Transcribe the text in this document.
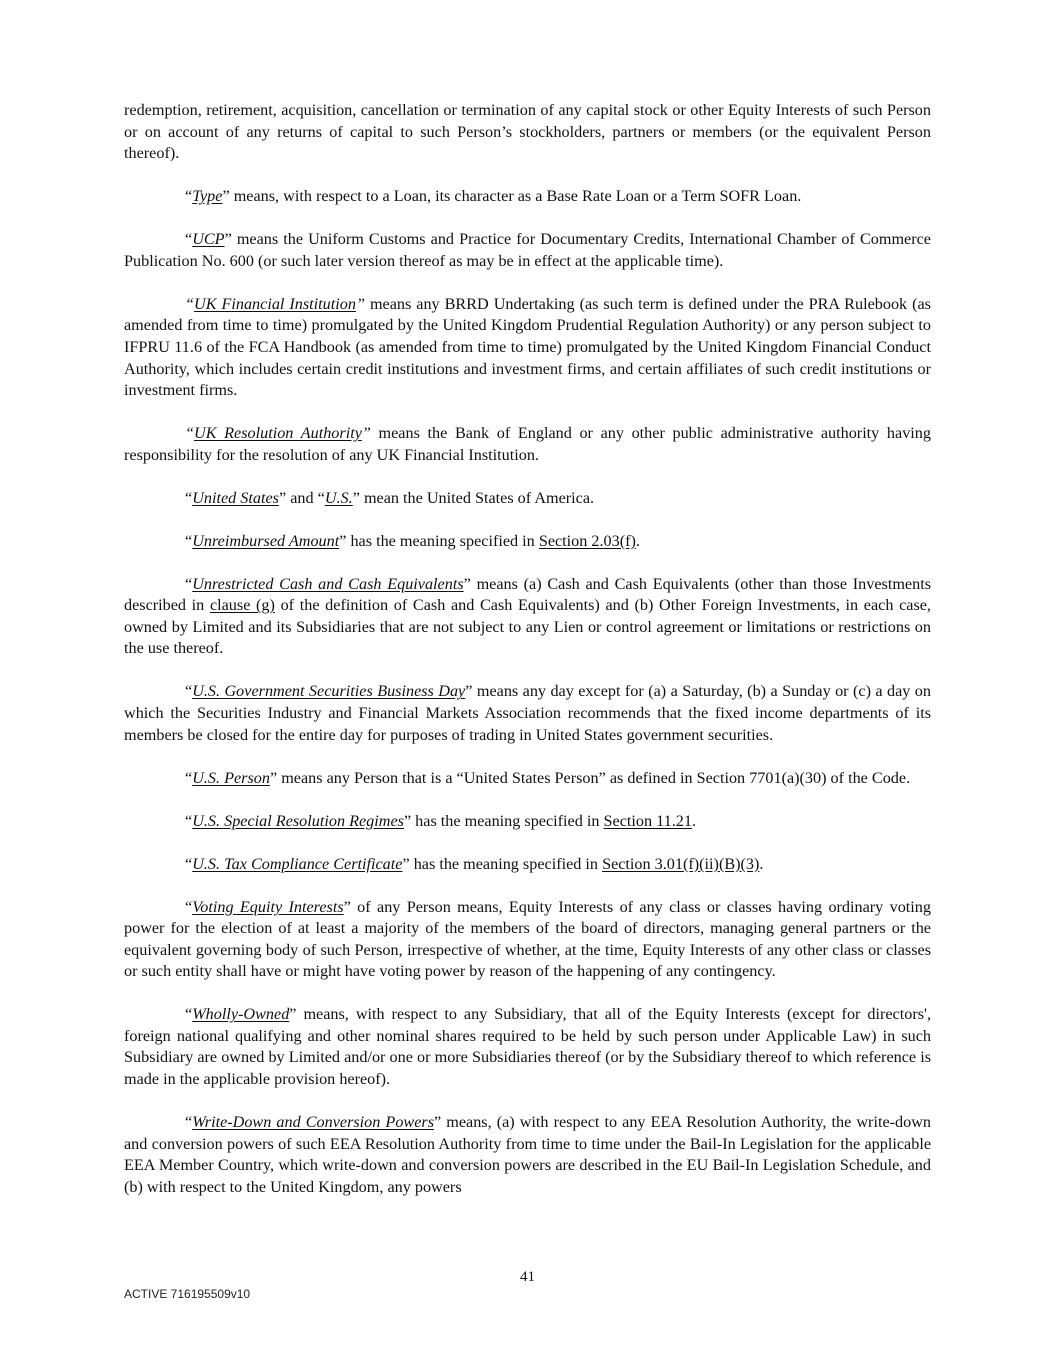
redemption, retirement, acquisition, cancellation or termination of any capital stock or other Equity Interests of such Person or on account of any returns of capital to such Person’s stockholders, partners or members (or the equivalent Person thereof).

“Type” means, with respect to a Loan, its character as a Base Rate Loan or a Term SOFR Loan.

“UCP” means the Uniform Customs and Practice for Documentary Credits, International Chamber of Commerce Publication No. 600 (or such later version thereof as may be in effect at the applicable time).

“UK Financial Institution” means any BRRD Undertaking (as such term is defined under the PRA Rulebook (as amended from time to time) promulgated by the United Kingdom Prudential Regulation Authority) or any person subject to IFPRU 11.6 of the FCA Handbook (as amended from time to time) promulgated by the United Kingdom Financial Conduct Authority, which includes certain credit institutions and investment firms, and certain affiliates of such credit institutions or investment firms.

“UK Resolution Authority” means the Bank of England or any other public administrative authority having responsibility for the resolution of any UK Financial Institution.

“United States” and “U.S.” mean the United States of America.

“Unreimbursed Amount” has the meaning specified in Section 2.03(f).

“Unrestricted Cash and Cash Equivalents” means (a) Cash and Cash Equivalents (other than those Investments described in clause (g) of the definition of Cash and Cash Equivalents) and (b) Other Foreign Investments, in each case, owned by Limited and its Subsidiaries that are not subject to any Lien or control agreement or limitations or restrictions on the use thereof.

“U.S. Government Securities Business Day” means any day except for (a) a Saturday, (b) a Sunday or (c) a day on which the Securities Industry and Financial Markets Association recommends that the fixed income departments of its members be closed for the entire day for purposes of trading in United States government securities.

“U.S. Person” means any Person that is a “United States Person” as defined in Section 7701(a)(30) of the Code.

“U.S. Special Resolution Regimes” has the meaning specified in Section 11.21.

“U.S. Tax Compliance Certificate” has the meaning specified in Section 3.01(f)(ii)(B)(3).

“Voting Equity Interests” of any Person means, Equity Interests of any class or classes having ordinary voting power for the election of at least a majority of the members of the board of directors, managing general partners or the equivalent governing body of such Person, irrespective of whether, at the time, Equity Interests of any other class or classes or such entity shall have or might have voting power by reason of the happening of any contingency.

“Wholly-Owned” means, with respect to any Subsidiary, that all of the Equity Interests (except for directors', foreign national qualifying and other nominal shares required to be held by such person under Applicable Law) in such Subsidiary are owned by Limited and/or one or more Subsidiaries thereof (or by the Subsidiary thereof to which reference is made in the applicable provision hereof).

“Write-Down and Conversion Powers” means, (a) with respect to any EEA Resolution Authority, the write-down and conversion powers of such EEA Resolution Authority from time to time under the Bail-In Legislation for the applicable EEA Member Country, which write-down and conversion powers are described in the EU Bail-In Legislation Schedule, and (b) with respect to the United Kingdom, any powers

41
ACTIVE 716195509v10
